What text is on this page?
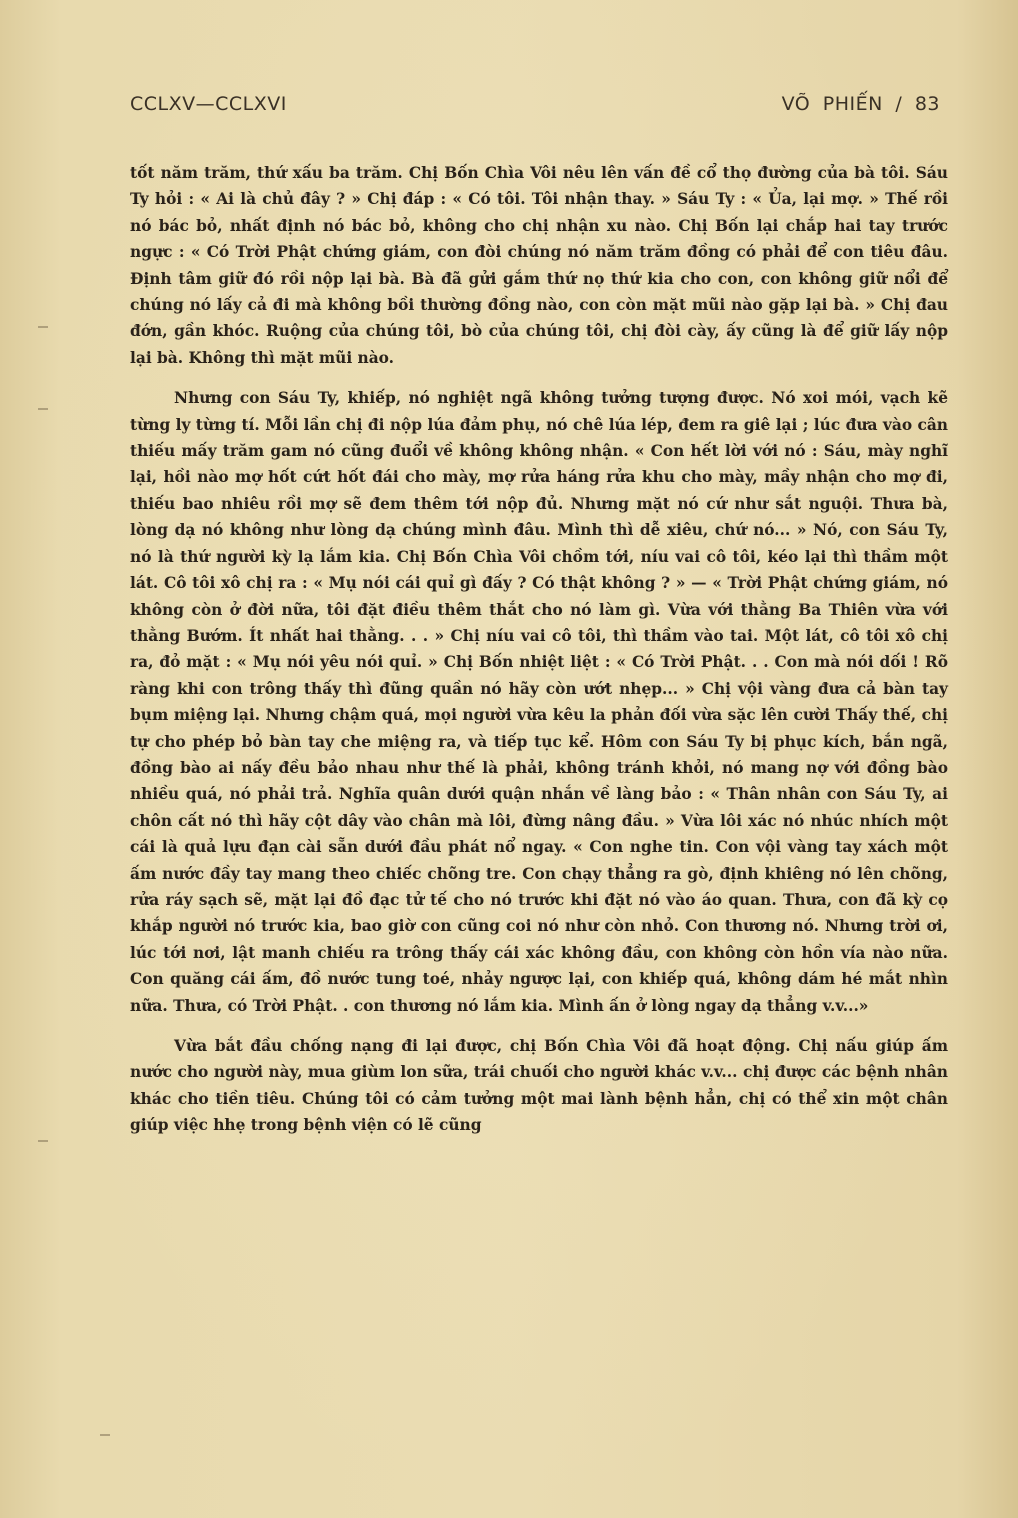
CCLXV—CCLXVI	VÕ PHIẾN / 83

tốt năm trăm, thứ xấu ba trăm. Chị Bốn Chìa Vôi nêu lên vấn đề cổ thọ đường của bà tôi. Sáu Ty hỏi : « Ai là chủ đây ? » Chị đáp : « Có tôi. Tôi nhận thay. » Sáu Ty : « Ủa, lại mợ. » Thế rồi nó bác bỏ, nhất định nó bác bỏ, không cho chị nhận xu nào. Chị Bốn lại chắp hai tay trước ngực : « Có Trời Phật chứng giám, con đòi chúng nó năm trăm đồng có phải để con tiêu đâu. Định tâm giữ đó rồi nộp lại bà. Bà đã gửi gắm thứ nọ thứ kia cho con, con không giữ nổi để chúng nó lấy cả đi mà không bồi thường đồng nào, con còn mặt mũi nào gặp lại bà. » Chị đau đớn, gần khóc. Ruộng của chúng tôi, bò của chúng tôi, chị đòi cày, ấy cũng là để giữ lấy nộp lại bà. Không thì mặt mũi nào.

Nhưng con Sáu Ty, khiếp, nó nghiệt ngã không tưởng tượng được. Nó xoi mói, vạch kẽ từng ly từng tí. Mỗi lần chị đi nộp lúa đảm phụ, nó chê lúa lép, đem ra giê lại ; lúc đưa vào cân thiếu mấy trăm gam nó cũng đuổi về không không nhận. « Con hết lời với nó : Sáu, mày nghĩ lại, hồi nào mợ hốt cứt hốt đái cho mày, mợ rửa háng rửa khu cho mày, mầy nhận cho mợ đi, thiếu bao nhiêu rồi mợ sẽ đem thêm tới nộp đủ. Nhưng mặt nó cứ như sắt nguội. Thưa bà, lòng dạ nó không như lòng dạ chúng mình đâu. Mình thì dễ xiêu, chứ nó... » Nó, con Sáu Ty, nó là thứ người kỳ lạ lắm kia. Chị Bốn Chìa Vôi chồm tới, níu vai cô tôi, kéo lại thì thầm một lát. Cô tôi xô chị ra : « Mụ nói cái quỉ gì đấy ? Có thật không ? » — « Trời Phật chứng giám, nó không còn ở đời nữa, tôi đặt điều thêm thắt cho nó làm gì. Vừa với thằng Ba Thiên vừa với thằng Bướm. Ít nhất hai thằng. . . » Chị níu vai cô tôi, thì thầm vào tai. Một lát, cô tôi xô chị ra, đỏ mặt : « Mụ nói yêu nói quỉ. » Chị Bốn nhiệt liệt : « Có Trời Phật. . . Con mà nói dối ! Rõ ràng khi con trông thấy thì đũng quần nó hãy còn ướt nhẹp... » Chị vội vàng đưa cả bàn tay bụm miệng lại. Nhưng chậm quá, mọi người vừa kêu la phản đối vừa sặc lên cười Thấy thế, chị tự cho phép bỏ bàn tay che miệng ra, và tiếp tục kể. Hôm con Sáu Ty bị phục kích, bắn ngã, đồng bào ai nấy đều bảo nhau như thế là phải, không tránh khỏi, nó mang nợ với đồng bào nhiều quá, nó phải trả. Nghĩa quân dưới quận nhắn về làng bảo : « Thân nhân con Sáu Ty, ai chôn cất nó thì hãy cột dây vào chân mà lôi, đừng nâng đầu. » Vừa lôi xác nó nhúc nhích một cái là quả lựu đạn cài sẵn dưới đầu phát nổ ngay. « Con nghe tin. Con vội vàng tay xách một ấm nước đầy tay mang theo chiếc chõng tre. Con chạy thẳng ra gò, định khiêng nó lên chõng, rửa ráy sạch sẽ, mặt lại đồ đạc tử tế cho nó trước khi đặt nó vào áo quan. Thưa, con đã kỳ cọ khắp người nó trước kia, bao giờ con cũng coi nó như còn nhỏ. Con thương nó. Nhưng trời ơi, lúc tới nơi, lật manh chiếu ra trông thấy cái xác không đầu, con không còn hồn vía nào nữa. Con quăng cái ấm, đồ nước tung toé, nhảy ngược lại, con khiếp quá, không dám hé mắt nhìn nữa. Thưa, có Trời Phật. . con thương nó lắm kia. Mình ấn ở lòng ngay dạ thẳng v.v...»

Vừa bắt đầu chống nạng đi lại được, chị Bốn Chìa Vôi đã hoạt động. Chị nấu giúp ấm nước cho người này, mua giùm lon sữa, trái chuối cho người khác v.v... chị được các bệnh nhân khác cho tiền tiêu. Chúng tôi có cảm tưởng một mai lành bệnh hẳn, chị có thể xin một chân giúp việc hhẹ trong bệnh viện có lẽ cũng
